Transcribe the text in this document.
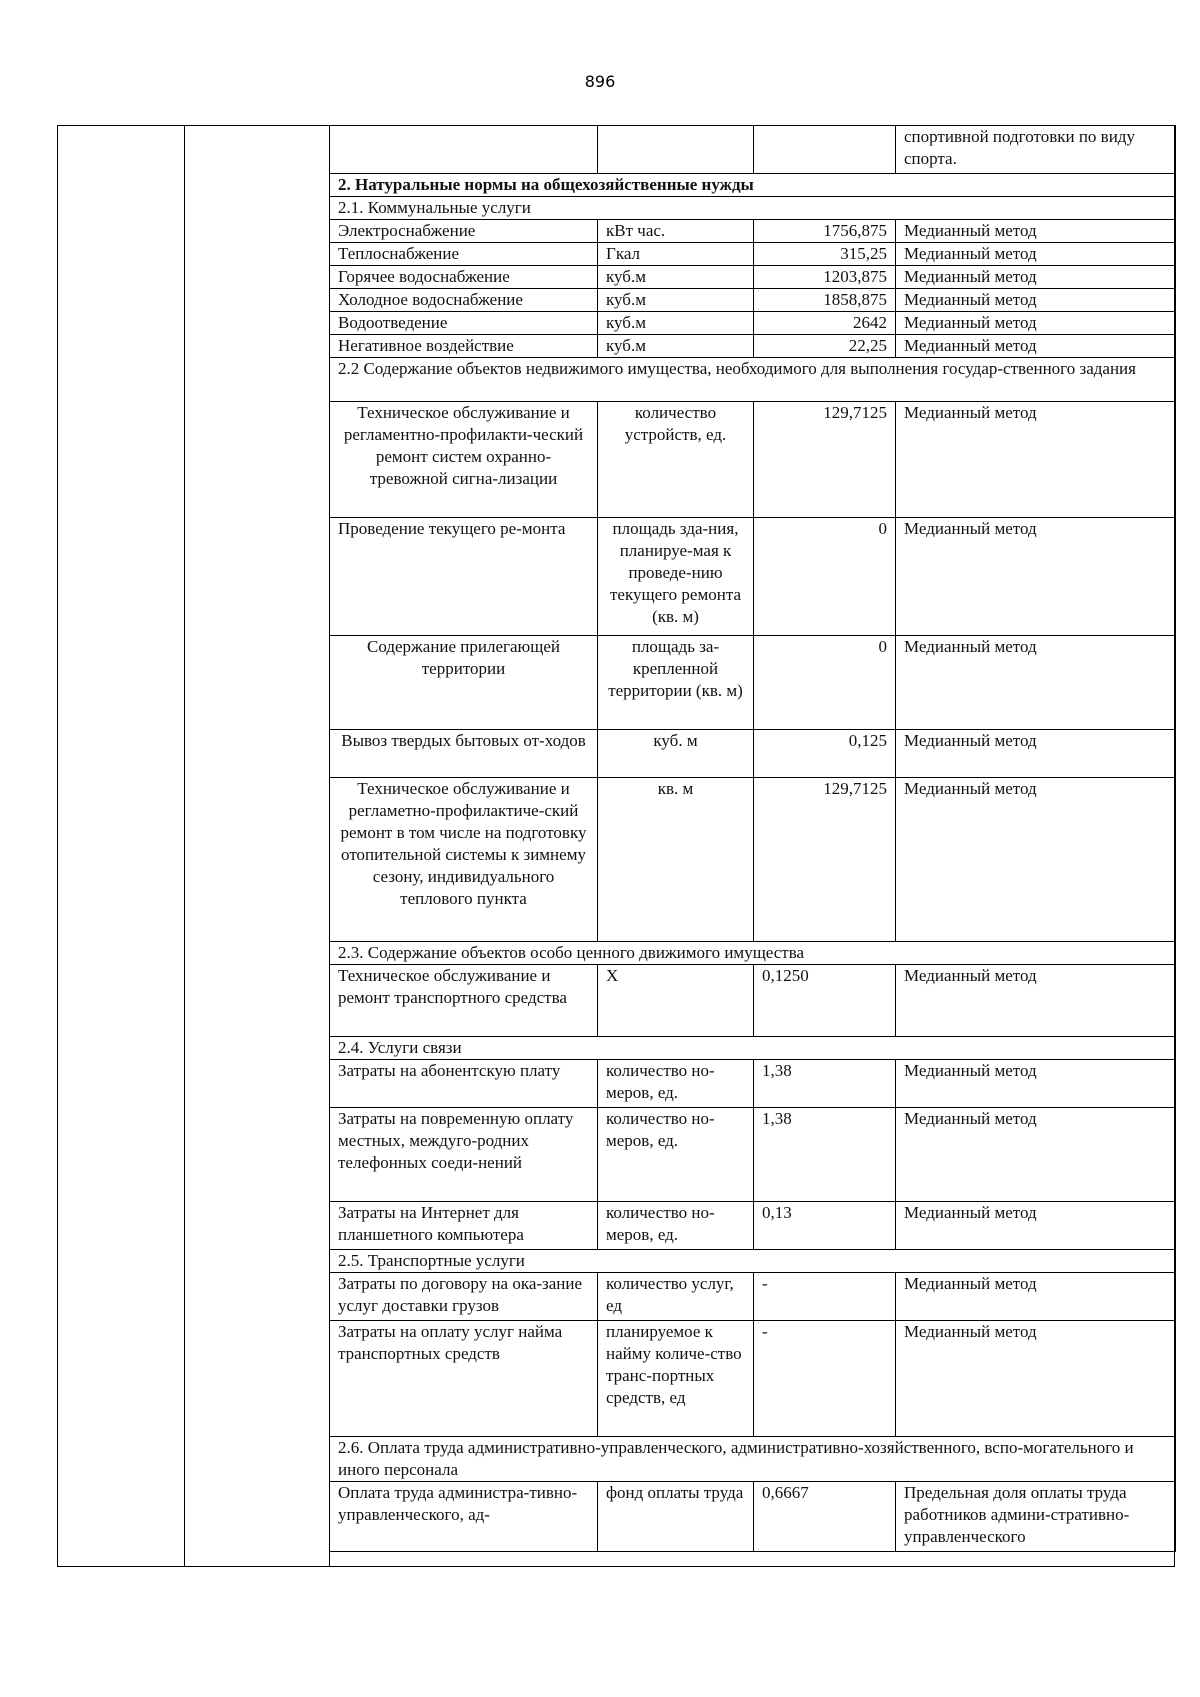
896
			спортивной подготовки по виду спорта.
2. Натуральные нормы на общехозяйственные нужды			
2.1. Коммунальные услуги			
Электроснабжение	кВт час.	1756,875	Медианный метод
Теплоснабжение	Гкал	315,25	Медианный метод
Горячее водоснабжение	куб.м	1203,875	Медианный метод
Холодное водоснабжение	куб.м	1858,875	Медианный метод
Водоотведение	куб.м	2642	Медианный метод
Негативное воздействие	куб.м	22,25	Медианный метод
2.2 Содержание объектов недвижимого имущества, необходимого для выполнения государ-ственного задания			
Техническое обслуживание и регламентно-профилакти-ческий ремонт систем охранно-тревожной сигна-лизации	количество устройств, ед.	129,7125	Медианный метод
Проведение текущего ре-монта	площадь зда-ния, планируе-мая к проведе-нию текущего ремонта (кв. м)	0	Медианный метод
Содержание прилегающей территории	площадь за-крепленной территории (кв. м)	0	Медианный метод
Вывоз твердых бытовых от-ходов	куб. м	0,125	Медианный метод
Техническое обслуживание и регламетно-профилактиче-ский ремонт в том числе на подготовку отопительной системы к зимнему сезону, индивидуального теплового пункта	кв. м	129,7125	Медианный метод
2.3. Содержание объектов особо ценного движимого имущества			
Техническое обслуживание и ремонт транспортного средства	X	0,1250	Медианный метод
2.4. Услуги связи			
Затраты на абонентскую плату	количество но-меров, ед.	1,38	Медианный метод
Затраты на повременную оплату местных, междуго-родних телефонных соеди-нений	количество но-меров, ед.	1,38	Медианный метод
Затраты на Интернет для планшетного компьютера	количество но-меров, ед.	0,13	Медианный метод
2.5. Транспортные услуги			
Затраты по договору на ока-зание услуг доставки грузов	количество услуг, ед	-	Медианный метод
Затраты на оплату услуг найма транспортных средств	планируемое к найму количе-ство транс-портных средств, ед	-	Медианный метод
2.6. Оплата труда административно-управленческого, административно-хозяйственного, вспо-могательного и иного персонала			
Оплата труда администра-тивно-управленческого, ад-	фонд оплаты труда	0,6667	Предельная доля оплаты труда работников админи-стративно-управленческого
